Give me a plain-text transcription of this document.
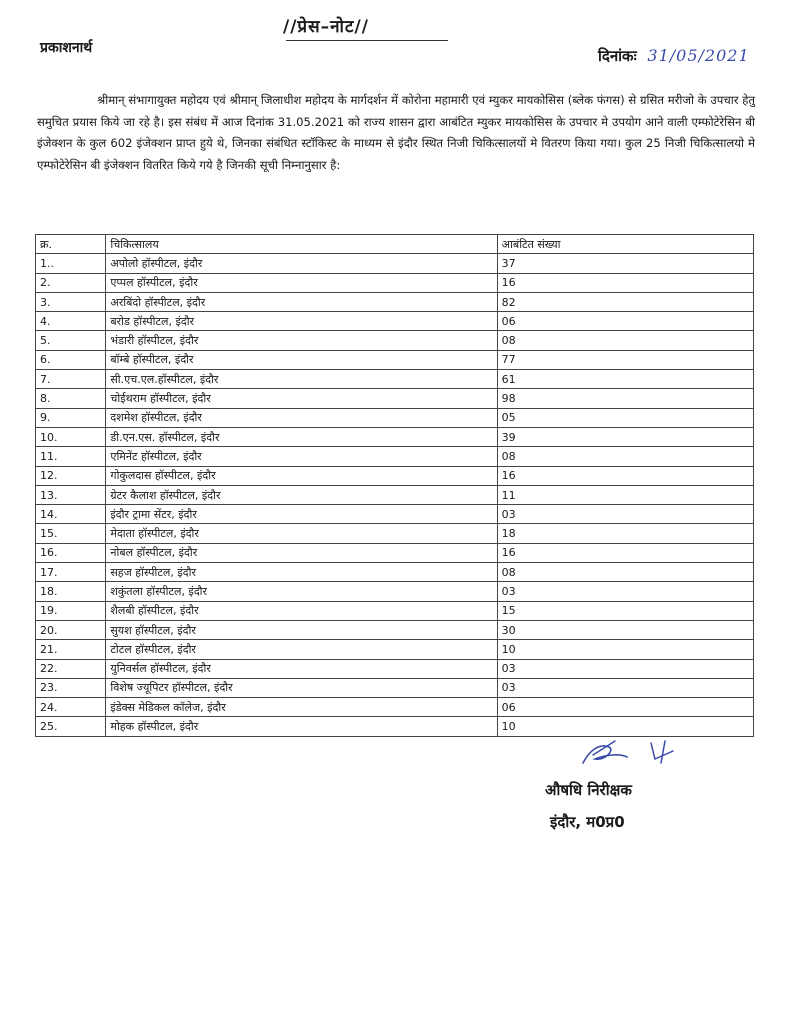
//प्रेस–नोट//
प्रकाशनार्थ	दिनांकः 31/05/2021
श्रीमान् संभागायुक्त महोदय एवं श्रीमान् जिलाधीश महोदय के मार्गदर्शन में कोरोना महामारी एवं म्युकर मायकोसिस (ब्लेक फंगस) से ग्रसित मरीजो के उपचार हेतु समुचित प्रयास किये जा रहे है। इस संबंध में आज दिनांक 31.05.2021 को राज्य शासन द्वारा आबंटित म्युकर मायकोसिस के उपचार मे उपयोग आने वाली एम्फोटेरेसिन बी इंजेक्शन के कुल 602 इंजेक्शन प्राप्त हुये थे, जिनका संबंधित स्टॉकिस्ट के माध्यम से इंदौर स्थित निजी चिकित्सालयों मे वितरण किया गया। कुल 25 निजी चिकित्सालयो मे एम्फोटेरेसिन बी इंजेक्शन वितरित किये गये है जिनकी सूची निम्नानुसार है:
क्र.	चिकित्सालय	आबंटित संख्या
1..	अपोलो हॉस्पीटल, इंदौर	37
2.	एप्पल हॉस्पीटल, इंदौर	16
3.	अरबिंदो हॉस्पीटल, इंदौर	82
4.	बरोड हॉस्पीटल, इंदौर	06
5.	भंडारी हॉस्पीटल, इंदौर	08
6.	बॉम्बे हॉस्पीटल, इंदौर	77
7.	सी.एच.एल.हॉस्पीटल, इंदौर	61
8.	चोईथराम हॉस्पीटल, इंदौर	98
9.	दशमेश हॉस्पीटल, इंदौर	05
10.	डी.एन.एस. हॉस्पीटल, इंदौर	39
11.	एमिनेंट हॉस्पीटल, इंदौर	08
12.	गोकुलदास हॉस्पीटल, इंदौर	16
13.	ग्रेटर कैलाश हॉस्पीटल, इंदौर	11
14.	इंदौर ट्रामा सेंटर, इंदौर	03
15.	मेदाता हॉस्पीटल, इंदौर	18
16.	नोबल हॉस्पीटल, इंदौर	16
17.	सहज हॉस्पीटल, इंदौर	08
18.	शकुंतला हॉस्पीटल, इंदौर	03
19.	शैलबी हॉस्पीटल, इंदौर	15
20.	सुयश हॉस्पीटल, इंदौर	30
21.	टोटल हॉस्पीटल, इंदौर	10
22.	युनिवर्सल हॉस्पीटल, इंदौर	03
23.	विशेष ज्यूपिटर हॉस्पीटल, इंदौर	03
24.	इंडेक्स मेडिकल कॉलेज, इंदौर	06
25.	मोहक हॉस्पीटल, इंदौर	10
औषधि निरीक्षक
इंदौर, म0प्र0
